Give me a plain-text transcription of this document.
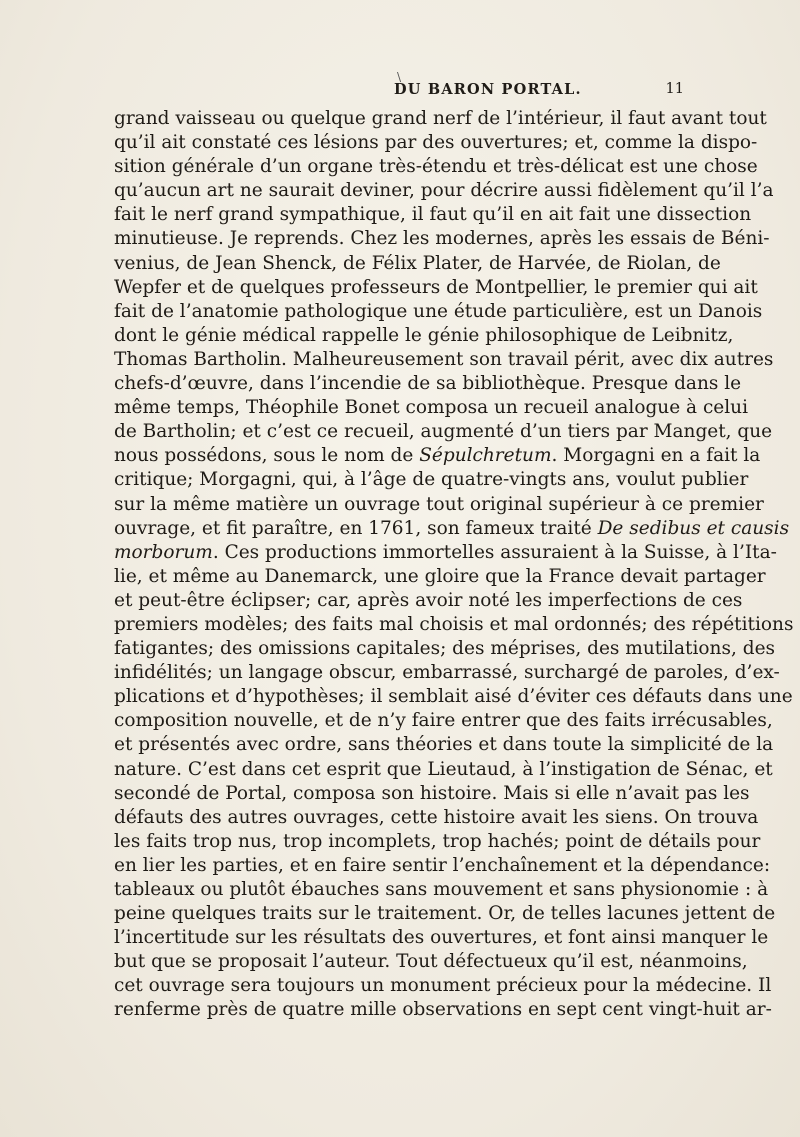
\
DU BARON PORTAL.	11
grand vaisseau ou quelque grand nerf de l’intérieur, il faut avant tout
qu’il ait constaté ces lésions par des ouvertures; et, comme la dispo-
sition générale d’un organe très-étendu et très-délicat est une chose
qu’aucun art ne saurait deviner, pour décrire aussi fidèlement qu’il l’a
fait le nerf grand sympathique, il faut qu’il en ait fait une dissection
minutieuse. Je reprends. Chez les modernes, après les essais de Béni-
venius, de Jean Shenck, de Félix Plater, de Harvée, de Riolan, de
Wepfer et de quelques professeurs de Montpellier, le premier qui ait
fait de l’anatomie pathologique une étude particulière, est un Danois
dont le génie médical rappelle le génie philosophique de Leibnitz,
Thomas Bartholin. Malheureusement son travail périt, avec dix autres
chefs-d’œuvre, dans l’incendie de sa bibliothèque. Presque dans le
même temps, Théophile Bonet composa un recueil analogue à celui
de Bartholin; et c’est ce recueil, augmenté d’un tiers par Manget, que
nous possédons, sous le nom de Sépulchretum. Morgagni en a fait la
critique; Morgagni, qui, à l’âge de quatre-vingts ans, voulut publier
sur la même matière un ouvrage tout original supérieur à ce premier
ouvrage, et fit paraître, en 1761, son fameux traité De sedibus et causis
morborum. Ces productions immortelles assuraient à la Suisse, à l’Ita-
lie, et même au Danemarck, une gloire que la France devait partager
et peut-être éclipser; car, après avoir noté les imperfections de ces
premiers modèles; des faits mal choisis et mal ordonnés; des répétitions
fatigantes; des omissions capitales; des méprises, des mutilations, des
infidélités; un langage obscur, embarrassé, surchargé de paroles, d’ex-
plications et d’hypothèses; il semblait aisé d’éviter ces défauts dans une
composition nouvelle, et de n’y faire entrer que des faits irrécusables,
et présentés avec ordre, sans théories et dans toute la simplicité de la
nature. C’est dans cet esprit que Lieutaud, à l’instigation de Sénac, et
secondé de Portal, composa son histoire. Mais si elle n’avait pas les
défauts des autres ouvrages, cette histoire avait les siens. On trouva
les faits trop nus, trop incomplets, trop hachés; point de détails pour
en lier les parties, et en faire sentir l’enchaînement et la dépendance:
tableaux ou plutôt ébauches sans mouvement et sans physionomie : à
peine quelques traits sur le traitement. Or, de telles lacunes jettent de
l’incertitude sur les résultats des ouvertures, et font ainsi manquer le
but que se proposait l’auteur. Tout défectueux qu’il est, néanmoins,
cet ouvrage sera toujours un monument précieux pour la médecine. Il
renferme près de quatre mille observations en sept cent vingt-huit ar-
